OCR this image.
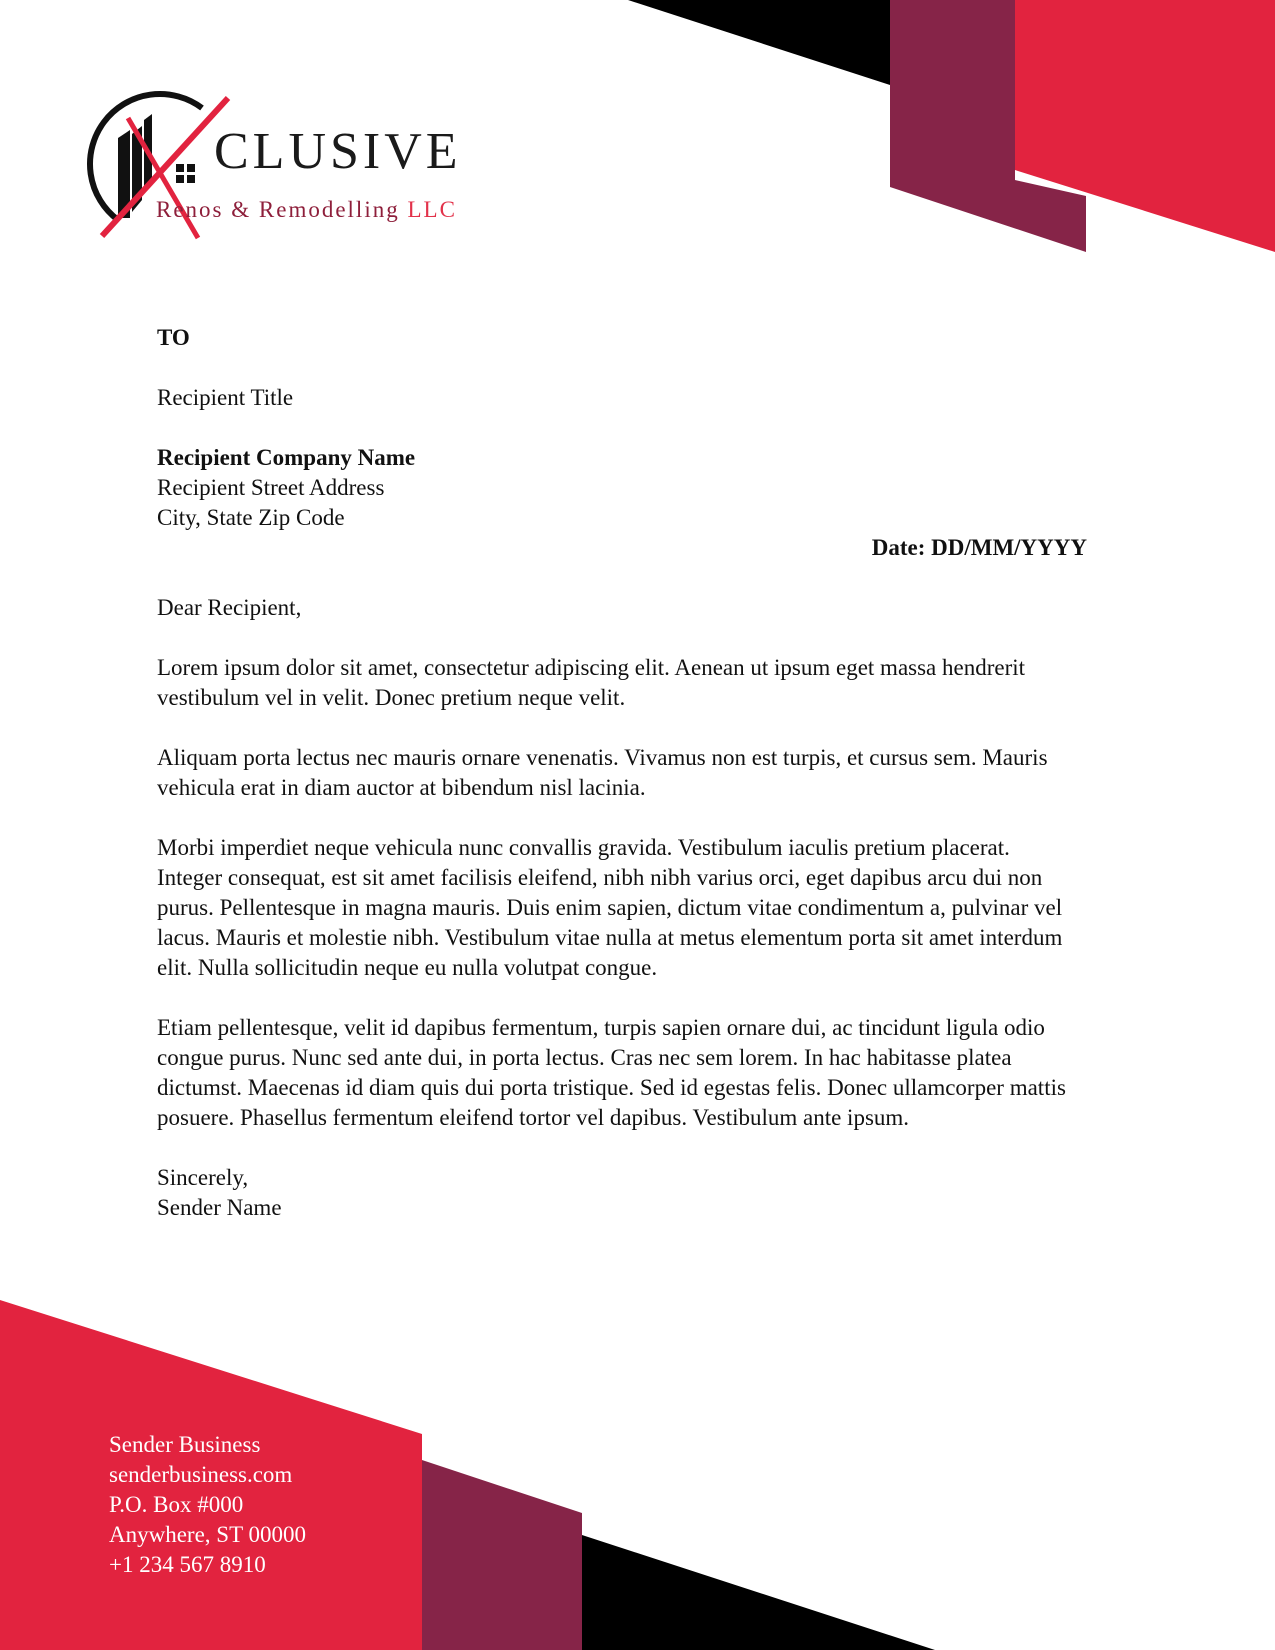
CLUSIVE
Renos & Remodelling LLC
TO
Recipient Title
Recipient Company Name
Recipient Street Address
City, State Zip Code
Date: DD/MM/YYYY
Dear Recipient,

Lorem ipsum dolor sit amet, consectetur adipiscing elit. Aenean ut ipsum eget massa hendrerit vestibulum vel in velit. Donec pretium neque velit.

Aliquam porta lectus nec mauris ornare venenatis. Vivamus non est turpis, et cursus sem. Mauris vehicula erat in diam auctor at bibendum nisl lacinia.

Morbi imperdiet neque vehicula nunc convallis gravida. Vestibulum iaculis pretium placerat. Integer consequat, est sit amet facilisis eleifend, nibh nibh varius orci, eget dapibus arcu dui non purus. Pellentesque in magna mauris. Duis enim sapien, dictum vitae condimentum a, pulvinar vel lacus. Mauris et molestie nibh. Vestibulum vitae nulla at metus elementum porta sit amet interdum elit. Nulla sollicitudin neque eu nulla volutpat congue.

Etiam pellentesque, velit id dapibus fermentum, turpis sapien ornare dui, ac tincidunt ligula odio congue purus. Nunc sed ante dui, in porta lectus. Cras nec sem lorem. In hac habitasse platea dictumst. Maecenas id diam quis dui porta tristique. Sed id egestas felis. Donec ullamcorper mattis posuere. Phasellus fermentum eleifend tortor vel dapibus. Vestibulum ante ipsum.

Sincerely,
Sender Name
Sender Business
senderbusiness.com
P.O. Box #000
Anywhere, ST 00000
+1 234 567 8910
